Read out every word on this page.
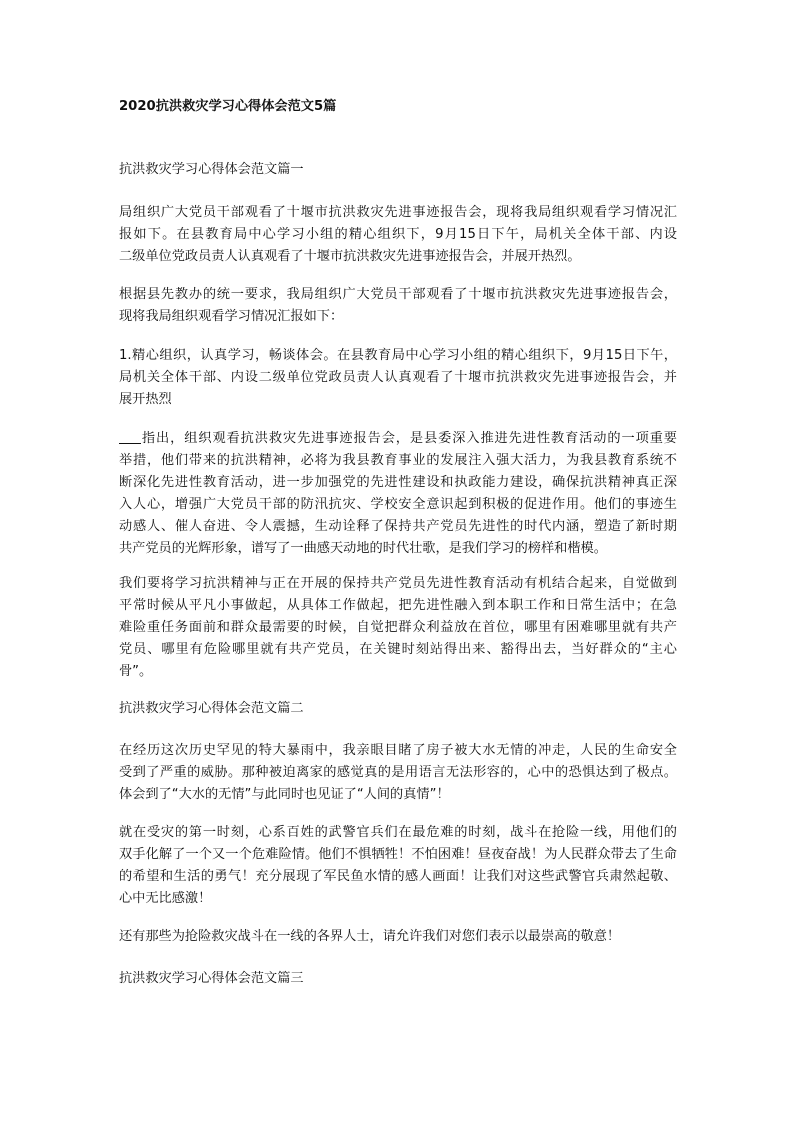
2020抗洪救灾学习心得体会范文5篇

抗洪救灾学习心得体会范文篇一

局组织广大党员干部观看了十堰市抗洪救灾先进事迹报告会，现将我局组织观看学习情况汇
报如下。在县教育局中心学习小组的精心组织下，9月15日下午，局机关全体干部、内设
二级单位党政员责人认真观看了十堰市抗洪救灾先进事迹报告会，并展开热烈。
根据县先教办的统一要求，我局组织广大党员干部观看了十堰市抗洪救灾先进事迹报告会，
现将我局组织观看学习情况汇报如下：
1.精心组织，认真学习，畅谈体会。在县教育局中心学习小组的精心组织下，9月15日下午，
局机关全体干部、内设二级单位党政员责人认真观看了十堰市抗洪救灾先进事迹报告会，并
展开热烈
指出，组织观看抗洪救灾先进事迹报告会，是县委深入推进先进性教育活动的一项重要
举措，他们带来的抗洪精神，必将为我县教育事业的发展注入强大活力，为我县教育系统不
断深化先进性教育活动，进一步加强党的先进性建设和执政能力建设，确保抗洪精神真正深
入人心，增强广大党员干部的防汛抗灾、学校安全意识起到积极的促进作用。他们的事迹生
动感人、催人奋进、令人震撼，生动诠释了保持共产党员先进性的时代内涵，塑造了新时期
共产党员的光辉形象，谱写了一曲感天动地的时代壮歌，是我们学习的榜样和楷模。
我们要将学习抗洪精神与正在开展的保持共产党员先进性教育活动有机结合起来，自觉做到
平常时候从平凡小事做起，从具体工作做起，把先进性融入到本职工作和日常生活中；在急
难险重任务面前和群众最需要的时候，自觉把群众利益放在首位，哪里有困难哪里就有共产
党员、哪里有危险哪里就有共产党员，在关键时刻站得出来、豁得出去，当好群众的“主心
骨”。

抗洪救灾学习心得体会范文篇二

在经历这次历史罕见的特大暴雨中，我亲眼目睹了房子被大水无情的冲走，人民的生命安全
受到了严重的威胁。那种被迫离家的感觉真的是用语言无法形容的，心中的恐惧达到了极点。
体会到了“大水的无情”与此同时也见证了“人间的真情”！
就在受灾的第一时刻，心系百姓的武警官兵们在最危难的时刻，战斗在抢险一线，用他们的
双手化解了一个又一个危难险情。他们不惧牺牲！不怕困难！昼夜奋战！为人民群众带去了生命
的希望和生活的勇气！充分展现了军民鱼水情的感人画面！让我们对这些武警官兵肃然起敬、
心中无比感激！
还有那些为抢险救灾战斗在一线的各界人士，请允许我们对您们表示以最崇高的敬意！

抗洪救灾学习心得体会范文篇三
